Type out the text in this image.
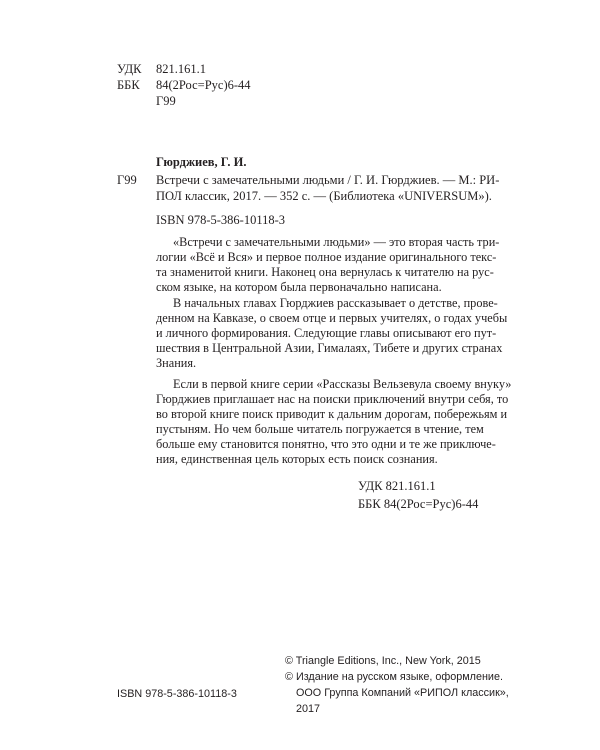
УДК 821.161.1
ББК 84(2Рос=Рус)6-44
Г99
Гюрджиев, Г. И.
Г99 Встречи с замечательными людьми / Г. И. Гюрджиев. — М.: РИ-
ПОЛ классик, 2017. — 352 с. — (Библиотека «UNIVERSUM»).
ISBN 978-5-386-10118-3
«Встречи с замечательными людьми» — это вторая часть три-
логии «Всё и Вся» и первое полное издание оригинального текс-
та знаменитой книги. Наконец она вернулась к читателю на рус-
ском языке, на котором была первоначально написана.
В начальных главах Гюрджиев рассказывает о детстве, прове-
денном на Кавказе, о своем отце и первых учителях, о годах учебы
и личного формирования. Следующие главы описывают его пут-
шествия в Центральной Азии, Гималаях, Тибете и других странах
Знания.
Если в первой книге серии «Рассказы Вельзевула своему внуку»
Гюрджиев приглашает нас на поиски приключений внутри себя, то
во второй книге поиск приводит к дальним дорогам, побережьям и
пустыням. Но чем больше читатель погружается в чтение, тем
больше ему становится понятно, что это одни и те же приключе-
ния, единственная цель которых есть поиск сознания.
УДК 821.161.1
ББК 84(2Рос=Рус)6-44
© Triangle Editions, Inc., New York, 2015
© Издание на русском языке, оформление.
ООО Группа Компаний «РИПОЛ классик»,
2017
ISBN 978-5-386-10118-3
